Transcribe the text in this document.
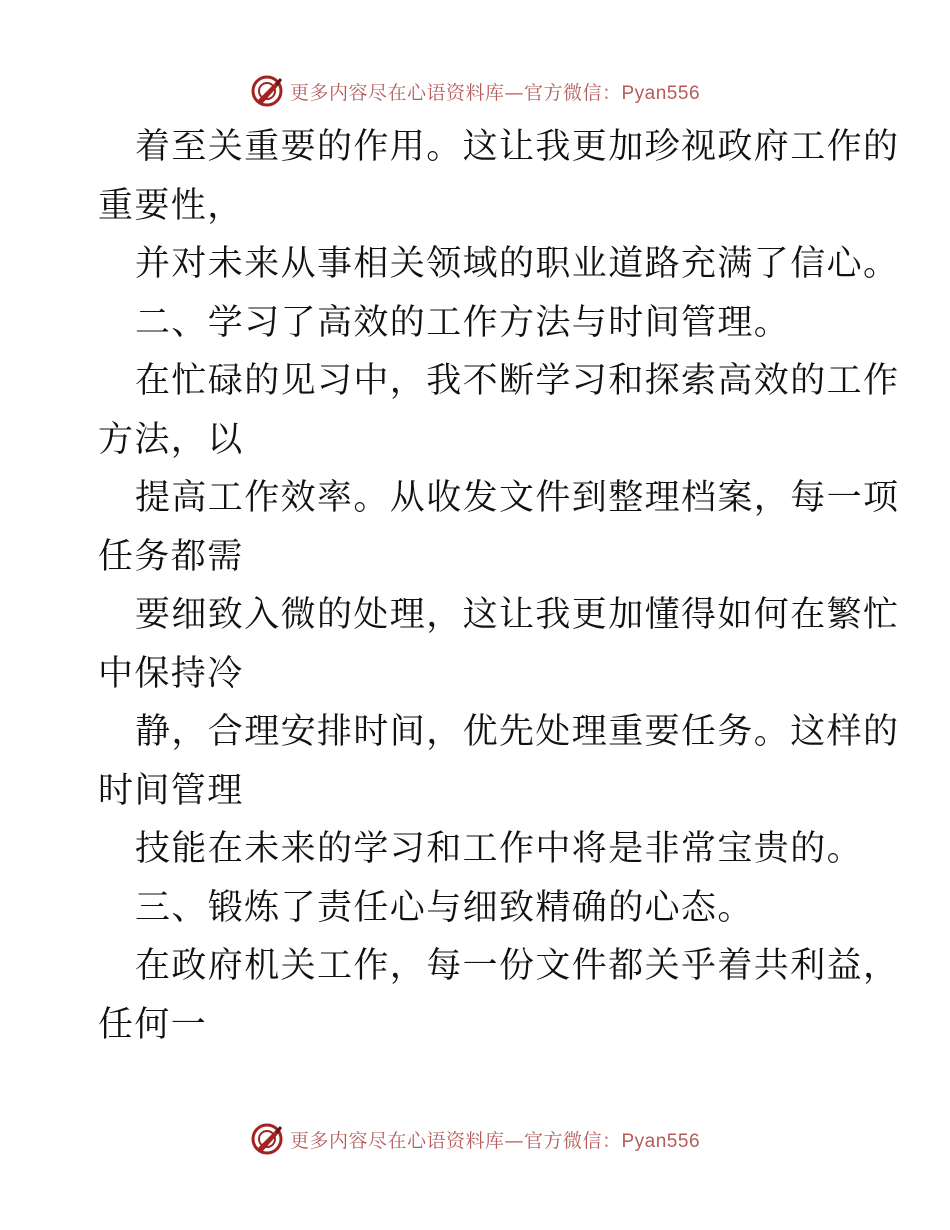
更多内容尽在心语资料库—官方微信：Pyan556
着至关重要的作用。这让我更加珍视政府工作的
重要性，
并对未来从事相关领域的职业道路充满了信心。
二、学习了高效的工作方法与时间管理。
在忙碌的见习中，我不断学习和探索高效的工作
方法，以
提高工作效率。从收发文件到整理档案，每一项
任务都需
要细致入微的处理，这让我更加懂得如何在繁忙
中保持冷
静，合理安排时间，优先处理重要任务。这样的
时间管理
技能在未来的学习和工作中将是非常宝贵的。
三、锻炼了责任心与细致精确的心态。
在政府机关工作，每一份文件都关乎着共利益，
任何一
更多内容尽在心语资料库—官方微信：Pyan556
